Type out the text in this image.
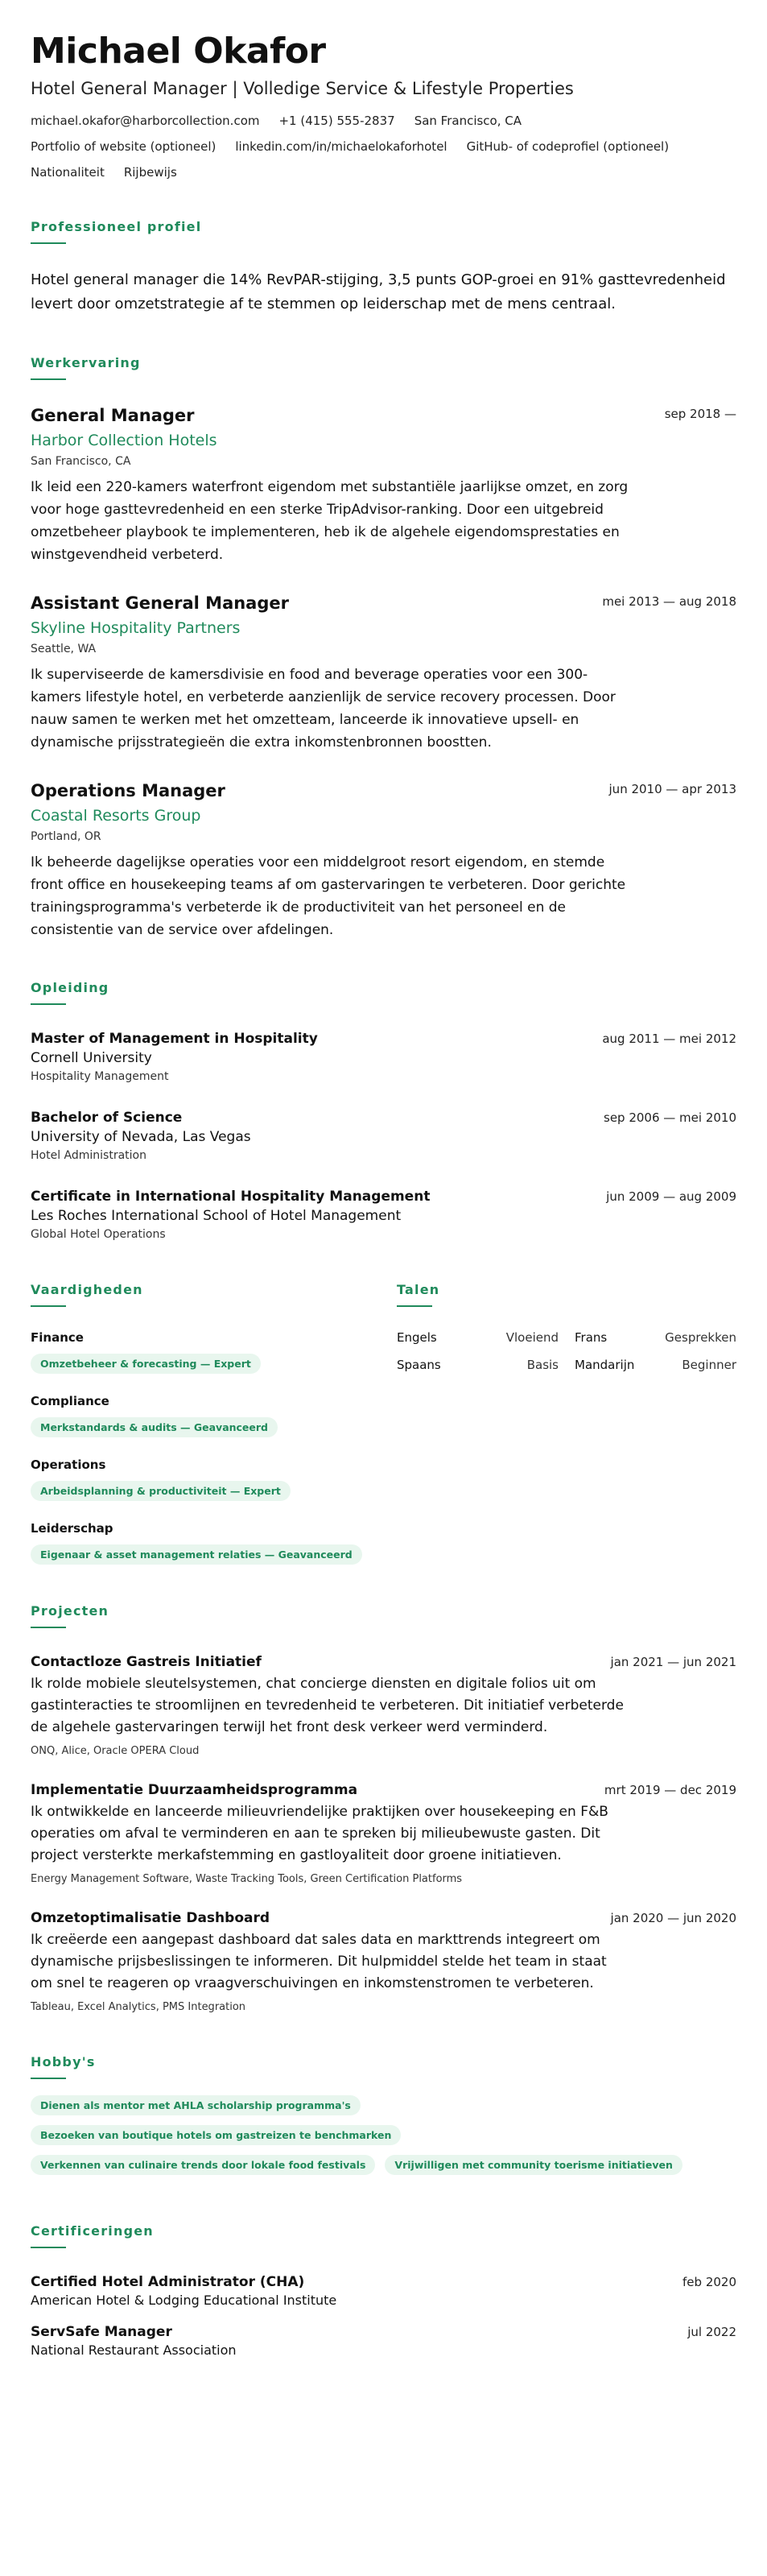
Michael Okafor
Hotel General Manager | Volledige Service & Lifestyle Properties
michael.okafor@harborcollection.com +1 (415) 555-2837 San Francisco, CA
Portfolio of website (optioneel) linkedin.com/in/michaelokaforhotel GitHub- of codeprofiel (optioneel)
Nationaliteit Rijbewijs
Professioneel profiel
Hotel general manager die 14% RevPAR-stijging, 3,5 punts GOP-groei en 91% gasttevredenheid levert door omzetstrategie af te stemmen op leiderschap met de mens centraal.
Werkervaring
General Manager	sep 2018 —
Harbor Collection Hotels
San Francisco, CA
Ik leid een 220-kamers waterfront eigendom met substantiële jaarlijkse omzet, en zorg voor hoge gasttevredenheid en een sterke TripAdvisor-ranking. Door een uitgebreid omzetbeheer playbook te implementeren, heb ik de algehele eigendomsprestaties en winstgevendheid verbeterd.
Assistant General Manager	mei 2013 — aug 2018
Skyline Hospitality Partners
Seattle, WA
Ik superviseerde de kamersdivisie en food and beverage operaties voor een 300-kamers lifestyle hotel, en verbeterde aanzienlijk de service recovery processen. Door nauw samen te werken met het omzetteam, lanceerde ik innovatieve upsell- en dynamische prijsstrategieën die extra inkomstenbronnen boostten.
Operations Manager	jun 2010 — apr 2013
Coastal Resorts Group
Portland, OR
Ik beheerde dagelijkse operaties voor een middelgroot resort eigendom, en stemde front office en housekeeping teams af om gastervaringen te verbeteren. Door gerichte trainingsprogramma's verbeterde ik de productiviteit van het personeel en de consistentie van de service over afdelingen.
Opleiding
Master of Management in Hospitality	aug 2011 — mei 2012
Cornell University
Hospitality Management
Bachelor of Science	sep 2006 — mei 2010
University of Nevada, Las Vegas
Hotel Administration
Certificate in International Hospitality Management	jun 2009 — aug 2009
Les Roches International School of Hotel Management
Global Hotel Operations
Vaardigheden
Finance
Omzetbeheer & forecasting — Expert
Compliance
Merkstandards & audits — Geavanceerd
Operations
Arbeidsplanning & productiviteit — Expert
Leiderschap
Eigenaar & asset management relaties — Geavanceerd
Talen
Engels	Vloeiend Frans	Gesprekken
Spaans	Basis Mandarijn	Beginner
Projecten
Contactloze Gastreis Initiatief	jan 2021 — jun 2021
Ik rolde mobiele sleutelsystemen, chat concierge diensten en digitale folios uit om gastinteracties te stroomlijnen en tevredenheid te verbeteren. Dit initiatief verbeterde de algehele gastervaringen terwijl het front desk verkeer werd verminderd.
ONQ, Alice, Oracle OPERA Cloud
Implementatie Duurzaamheidsprogramma	mrt 2019 — dec 2019
Ik ontwikkelde en lanceerde milieuvriendelijke praktijken over housekeeping en F&B operaties om afval te verminderen en aan te spreken bij milieubewuste gasten. Dit project versterkte merkafstemming en gastloyaliteit door groene initiatieven.
Energy Management Software, Waste Tracking Tools, Green Certification Platforms
Omzetoptimalisatie Dashboard	jan 2020 — jun 2020
Ik creëerde een aangepast dashboard dat sales data en markttrends integreert om dynamische prijsbeslissingen te informeren. Dit hulpmiddel stelde het team in staat om snel te reageren op vraagverschuivingen en inkomstenstromen te verbeteren.
Tableau, Excel Analytics, PMS Integration
Hobby's
Dienen als mentor met AHLA scholarship programma'sBezoeken van boutique hotels om gastreizen te benchmarken Verkennen van culinaire trends door lokale food festivals	Vrijwilligen met community toerisme initiatieven
Certificeringen
Certified Hotel Administrator (CHA)	feb 2020
American Hotel & Lodging Educational Institute
ServSafe Manager	jul 2022
National Restaurant Association
